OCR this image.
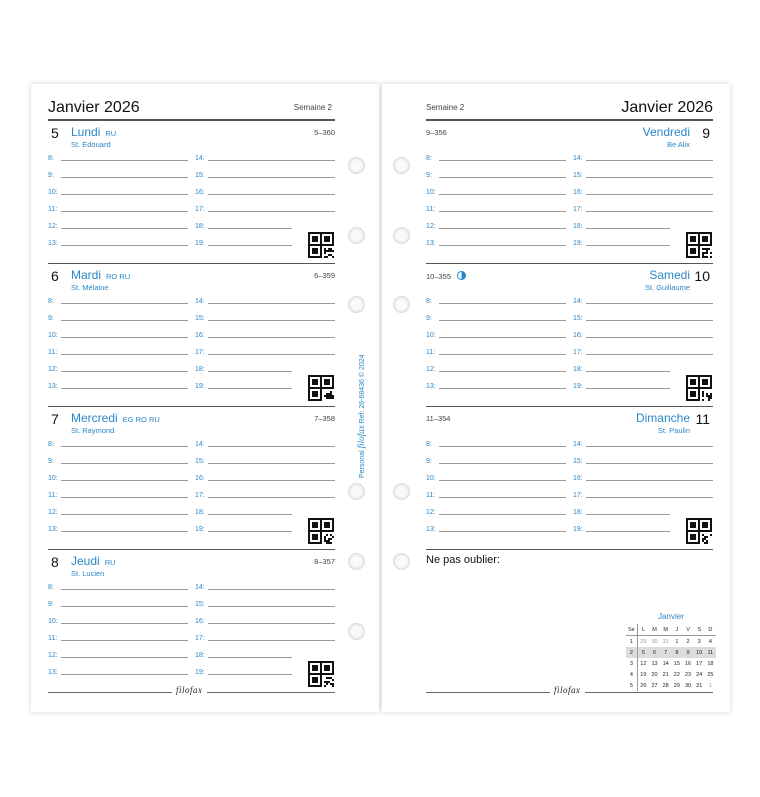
Janvier 2026	Semaine 2
5 Lundi RU
St. Edouard
5–360
8:	14:
9:	15:
10:	16:
11:	17:
12:	18:
13:	19:
6 Mardi RO RU
St. Mélaine
6–359
8:	14:
9:	15:
10:	16:
11:	17:
12:	18:
13:	19:
7 Mercredi EG RO RU
St. Raymond
7–358
8:	14:
9:	15:
10:	16:
11:	17:
12:	18:
13:	19:
8 Jeudi RU
St. Lucien
8–357
8:	14:
9:	15:
10:	16:
11:	17:
12:	18:
13:	19:
filofax
Semaine 2	Janvier 2026
9–356	9
Vendredi
Be Alix
8:	14:
9:	15:
10:	16:
11:	17:
12:	18:
13:	19:
10–355	10
Samedi
St. Guillaume
8:	14:
9:	15:
10:	16:
11:	17:
12:	18:
13:	19:
11–354	11
Dimanche
St. Paulin
8:	14:
9:	15:
10:	16:
11:	17:
12:	18:
13:	19:
Ne pas oublier:
Janvier
Se	L	M	M	J	V	S	D
1	29	30	31	1	2	3	4
2	5	6	7	8	9	10	11
3	12	13	14	15	16	17	18
4	19	20	21	22	23	24	25
5	26	27	28	29	30	31	1
filofax
Personal filofax Ref: 26-68436 © 2024
